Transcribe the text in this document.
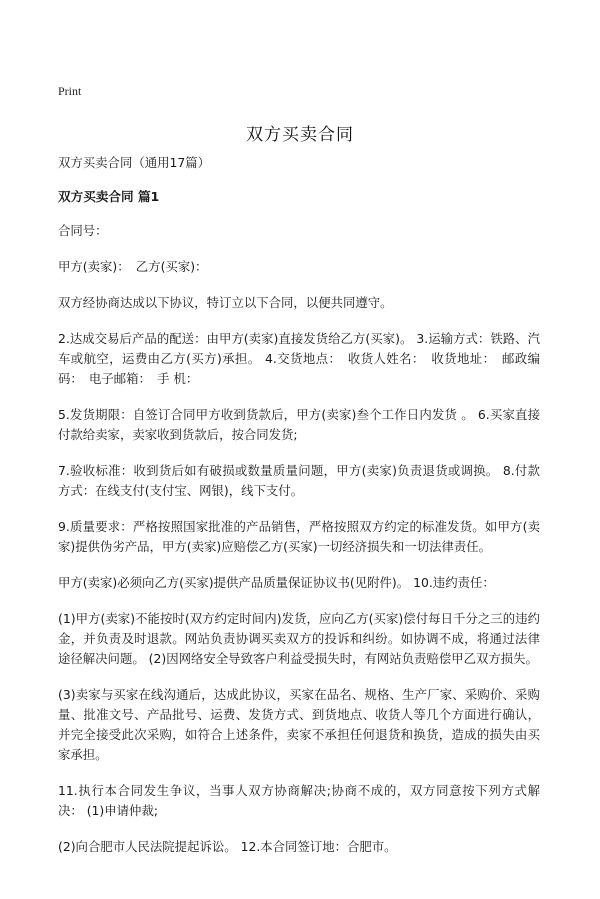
Print
双方买卖合同

双方买卖合同（通用17篇）

双方买卖合同 篇1

合同号：

甲方(卖家)：　乙方(买家)：

双方经协商达成以下协议，特订立以下合同，以便共同遵守。

2.达成交易后产品的配送：由甲方(卖家)直接发货给乙方(买家)。 3.运输方式：铁路、汽车或航空，运费由乙方(买方)承担。 4.交货地点：　收货人姓名：　收货地址：　邮政编码：　电子邮箱：　手 机：

5.发货期限：自签订合同甲方收到货款后，甲方(卖家)叁个工作日内发货 。 6.买家直接付款给卖家，卖家收到货款后，按合同发货;

7.验收标准：收到货后如有破损或数量质量问题，甲方(卖家)负责退货或调换。 8.付款方式：在线支付(支付宝、网银)，线下支付。

9.质量要求：严格按照国家批准的产品销售，严格按照双方约定的标准发货。如甲方(卖家)提供伪劣产品，甲方(卖家)应赔偿乙方(买家)一切经济损失和一切法律责任。

甲方(卖家)必须向乙方(买家)提供产品质量保证协议书(见附件)。 10.违约责任：

(1)甲方(卖家)不能按时(双方约定时间内)发货，应向乙方(买家)偿付每日千分之三的违约金，并负责及时退款。网站负责协调买卖双方的投诉和纠纷。如协调不成，将通过法律途径解决问题。 (2)因网络安全导致客户利益受损失时，有网站负责赔偿甲乙双方损失。

(3)卖家与买家在线沟通后，达成此协议，买家在品名、规格、生产厂家、采购价、采购量、批准文号、产品批号、运费、发货方式、到货地点、收货人等几个方面进行确认，并完全接受此次采购，如符合上述条件，卖家不承担任何退货和换货，造成的损失由买家承担。

11.执行本合同发生争议，当事人双方协商解决;协商不成的，双方同意按下列方式解决： (1)申请仲裁;

(2)向合肥市人民法院提起诉讼。 12.本合同签订地：合肥市。
